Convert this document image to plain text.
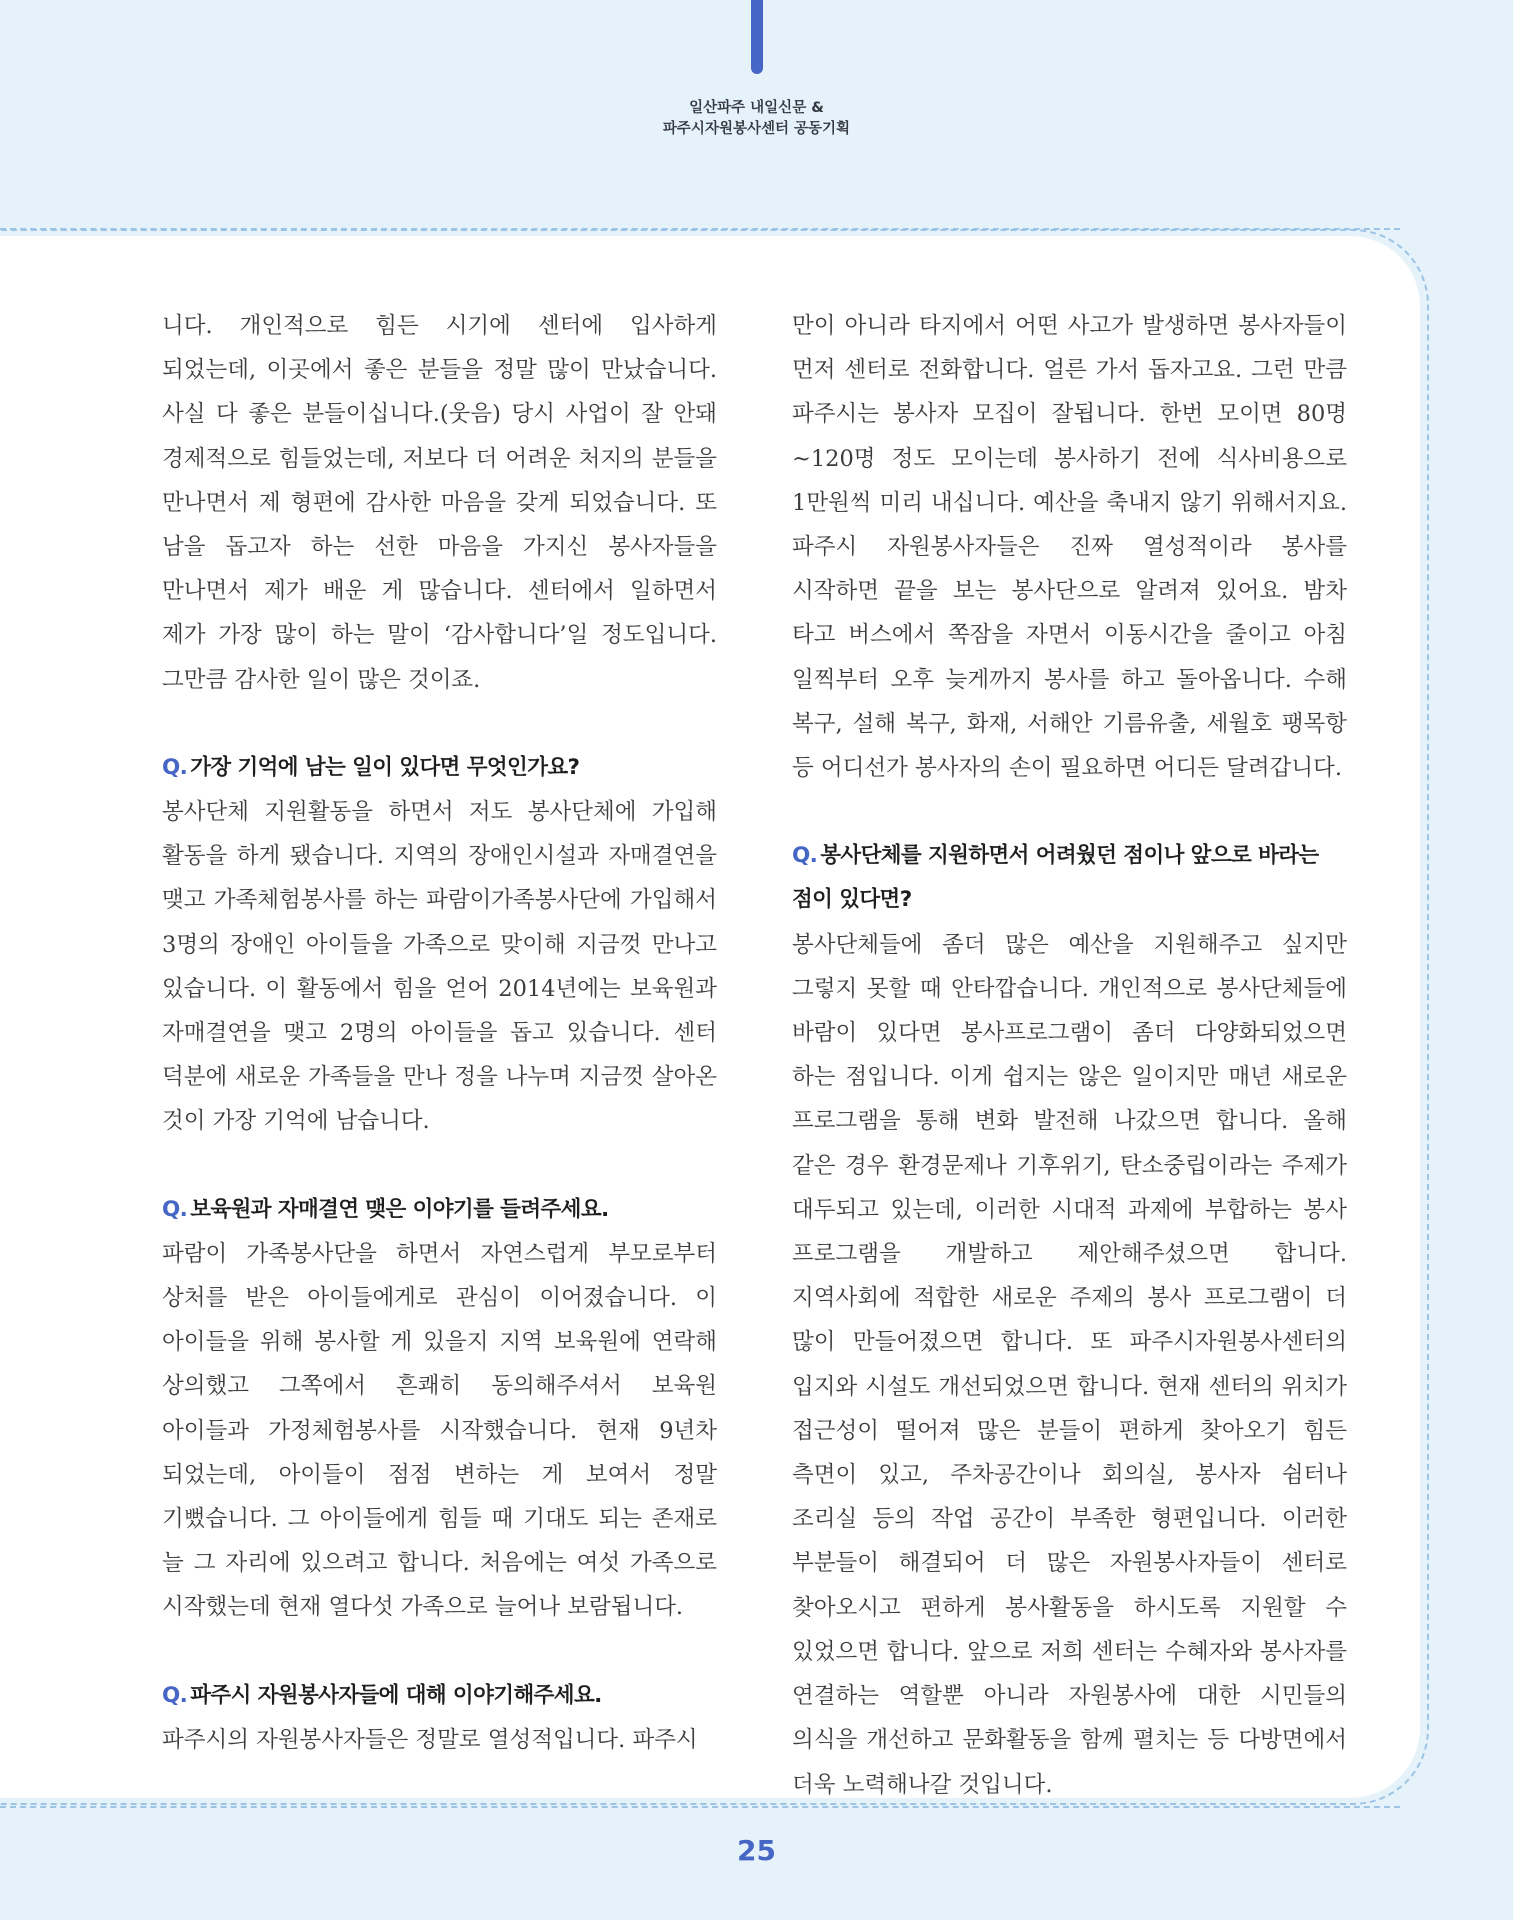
일산파주 내일신문 &
파주시자원봉사센터 공동기획

니다. 개인적으로 힘든 시기에 센터에 입사하게 되었는데, 이곳에서 좋은 분들을 정말 많이 만났습니다. 사실 다 좋은 분들이십니다.(웃음) 당시 사업이 잘 안돼 경제적으로 힘들었는데, 저보다 더 어려운 처지의 분들을 만나면서 제 형편에 감사한 마음을 갖게 되었습니다. 또 남을 돕고자 하는 선한 마음을 가지신 봉사자들을 만나면서 제가 배운 게 많습니다. 센터에서 일하면서 제가 가장 많이 하는 말이 ‘감사합니다’일 정도입니다. 그만큼 감사한 일이 많은 것이죠.

Q. 가장 기억에 남는 일이 있다면 무엇인가요?

봉사단체 지원활동을 하면서 저도 봉사단체에 가입해 활동을 하게 됐습니다. 지역의 장애인시설과 자매결연을 맺고 가족체험봉사를 하는 파람이가족봉사단에 가입해서 3명의 장애인 아이들을 가족으로 맞이해 지금껏 만나고 있습니다. 이 활동에서 힘을 얻어 2014년에는 보육원과 자매결연을 맺고 2명의 아이들을 돕고 있습니다. 센터 덕분에 새로운 가족들을 만나 정을 나누며 지금껏 살아온 것이 가장 기억에 남습니다.

Q. 보육원과 자매결연 맺은 이야기를 들려주세요.

파람이 가족봉사단을 하면서 자연스럽게 부모로부터 상처를 받은 아이들에게로 관심이 이어졌습니다. 이 아이들을 위해 봉사할 게 있을지 지역 보육원에 연락해 상의했고 그쪽에서 흔쾌히 동의해주셔서 보육원 아이들과 가정체험봉사를 시작했습니다. 현재 9년차 되었는데, 아이들이 점점 변하는 게 보여서 정말 기뻤습니다. 그 아이들에게 힘들 때 기대도 되는 존재로 늘 그 자리에 있으려고 합니다. 처음에는 여섯 가족으로 시작했는데 현재 열다섯 가족으로 늘어나 보람됩니다.

Q. 파주시 자원봉사자들에 대해 이야기해주세요.

파주시의 자원봉사자들은 정말로 열성적입니다. 파주시

만이 아니라 타지에서 어떤 사고가 발생하면 봉사자들이 먼저 센터로 전화합니다. 얼른 가서 돕자고요. 그런 만큼 파주시는 봉사자 모집이 잘됩니다. 한번 모이면 80명~120명 정도 모이는데 봉사하기 전에 식사비용으로 1만원씩 미리 내십니다. 예산을 축내지 않기 위해서지요. 파주시 자원봉사자들은 진짜 열성적이라 봉사를 시작하면 끝을 보는 봉사단으로 알려져 있어요. 밤차 타고 버스에서 쪽잠을 자면서 이동시간을 줄이고 아침 일찍부터 오후 늦게까지 봉사를 하고 돌아옵니다. 수해 복구, 설해 복구, 화재, 서해안 기름유출, 세월호 팽목항 등 어디선가 봉사자의 손이 필요하면 어디든 달려갑니다.

Q. 봉사단체를 지원하면서 어려웠던 점이나 앞으로 바라는 점이 있다면?

봉사단체들에 좀더 많은 예산을 지원해주고 싶지만 그렇지 못할 때 안타깝습니다. 개인적으로 봉사단체들에 바람이 있다면 봉사프로그램이 좀더 다양화되었으면 하는 점입니다. 이게 쉽지는 않은 일이지만 매년 새로운 프로그램을 통해 변화 발전해 나갔으면 합니다. 올해 같은 경우 환경문제나 기후위기, 탄소중립이라는 주제가 대두되고 있는데, 이러한 시대적 과제에 부합하는 봉사 프로그램을 개발하고 제안해주셨으면 합니다. 지역사회에 적합한 새로운 주제의 봉사 프로그램이 더 많이 만들어졌으면 합니다. 또 파주시자원봉사센터의 입지와 시설도 개선되었으면 합니다. 현재 센터의 위치가 접근성이 떨어져 많은 분들이 편하게 찾아오기 힘든 측면이 있고, 주차공간이나 회의실, 봉사자 쉼터나 조리실 등의 작업 공간이 부족한 형편입니다. 이러한 부분들이 해결되어 더 많은 자원봉사자들이 센터로 찾아오시고 편하게 봉사활동을 하시도록 지원할 수 있었으면 합니다. 앞으로 저희 센터는 수혜자와 봉사자를 연결하는 역할뿐 아니라 자원봉사에 대한 시민들의 의식을 개선하고 문화활동을 함께 펼치는 등 다방면에서 더욱 노력해나갈 것입니다.

25
